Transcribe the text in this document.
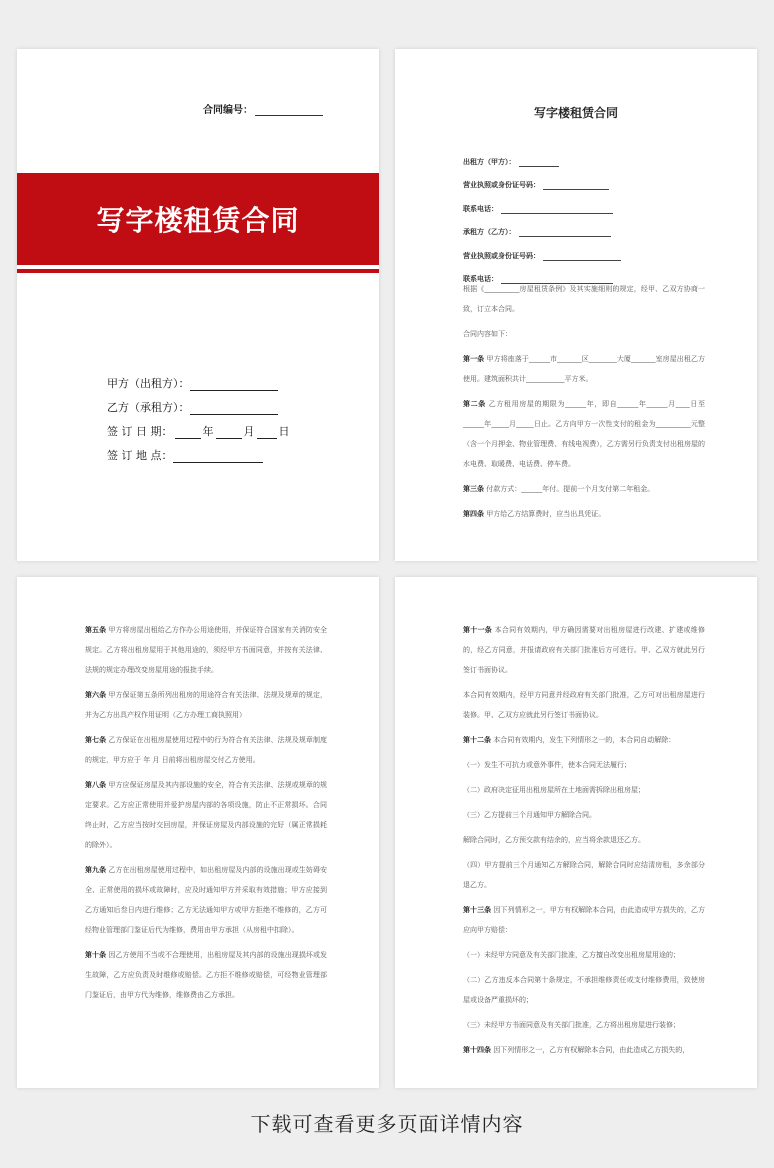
合同编号：
写字楼租赁合同
甲方（出租方）：
乙方（承租方）：
签 订 日 期：	年	月 日
签 订 地 点：
写字楼租赁合同
出租方（甲方）：
营业执照或身份证号码：
联系电话：
承租方（乙方）：
营业执照或身份证号码：
联系电话：
根据《__________房屋租赁条例》及其实施细则的规定，经甲、乙双方协商一致，订立本合同。
合同内容如下：
第一条 甲方将座落于______市_______区________大厦_______室房屋出租乙方使用。建筑面积共计___________平方米。
第二条 乙方租用房屋的期限为______年，即自______年______月____日至______年_____月_____日止。乙方向甲方一次性支付的租金为__________元整（含一个月押金、物业管理费、有线电视费），乙方需另行负责支付出租房屋的水电费、取暖费、电话费、停车费。
第三条 付款方式：______年付。提前一个月支付第二年租金。
第四条 甲方给乙方结算费时，应当出具凭证。
第五条 甲方将房屋出租给乙方作办公用途使用，并保证符合国家有关消防安全规定。乙方将出租房屋用于其他用途的，须经甲方书面同意，并按有关法律、法规的规定办理改变房屋用途的报批手续。
第六条 甲方保证第五条所列出租房的用途符合有关法律、法规及规章的规定，并为乙方出具产权作用证明（乙方办理工商执照用）
第七条 乙方保证在出租房屋使用过程中的行为符合有关法律、法规及规章制度的规定，甲方应于 年 月 日前将出租房屋交付乙方使用。
第八条 甲方应保证房屋及其内部设施的安全，符合有关法律、法规或规章的规定要求。乙方应正常使用并爱护房屋内部的各项设施，防止不正常损坏。合同终止时，乙方应当按时交回房屋，并保证房屋及内部设施的完好（属正常损耗的除外）。
第九条 乙方在出租房屋使用过程中，如出租房屋及内部的设施出现或生妨碍安全、正常使用的损坏或故障时，应及时通知甲方并采取有效措施；甲方应接到乙方通知后叁日内进行维修；乙方无法通知甲方或甲方拒绝不维修的，乙方可经物业管理部门鉴证后代为维修，费用由甲方承担（从房租中扣除）。
第十条 因乙方使用不当或不合理使用，出租房屋及其内部的设施出现损坏或发生故障，乙方应负责及时维修或赔偿。乙方拒不维修或赔偿，可经物业管理部门鉴证后，由甲方代为维修，维修费由乙方承担。
第十一条 本合同有效期内，甲方确因需要对出租房屋进行改建、扩建或维修的，经乙方同意，并报请政府有关部门批准后方可进行。甲、乙双方就此另行签订书面协议。
本合同有效期内，经甲方同意并经政府有关部门批准，乙方可对出租房屋进行装修。甲、乙双方应就此另行签订书面协议。
第十二条 本合同有效期内，发生下列情形之一的，本合同自动解除：
（一）发生不可抗力或意外事件，使本合同无法履行；
（二）政府决定征用出租房屋所在土地面需拆除出租房屋；
（三）乙方提前三个月通知甲方解除合同。
解除合同时，乙方预交款有结余的，应当将余款退还乙方。
（四）甲方提前三个月通知乙方解除合同，解除合同时应结清房租，多余部分退乙方。
第十三条 因下列情形之一，甲方有权解除本合同，由此造成甲方损失的，乙方应向甲方赔偿：
（一）未经甲方同意及有关部门批准，乙方擅自改变出租房屋用途的；
（二）乙方违反本合同第十条规定，不承担维修责任或支付维修费用，致使房屋或设备严重损坏的；
（三）未经甲方书面同意及有关部门批准，乙方将出租房屋进行装修；
第十四条 因下列情形之一，乙方有权解除本合同，由此造成乙方损失的，
下载可查看更多页面详情内容
